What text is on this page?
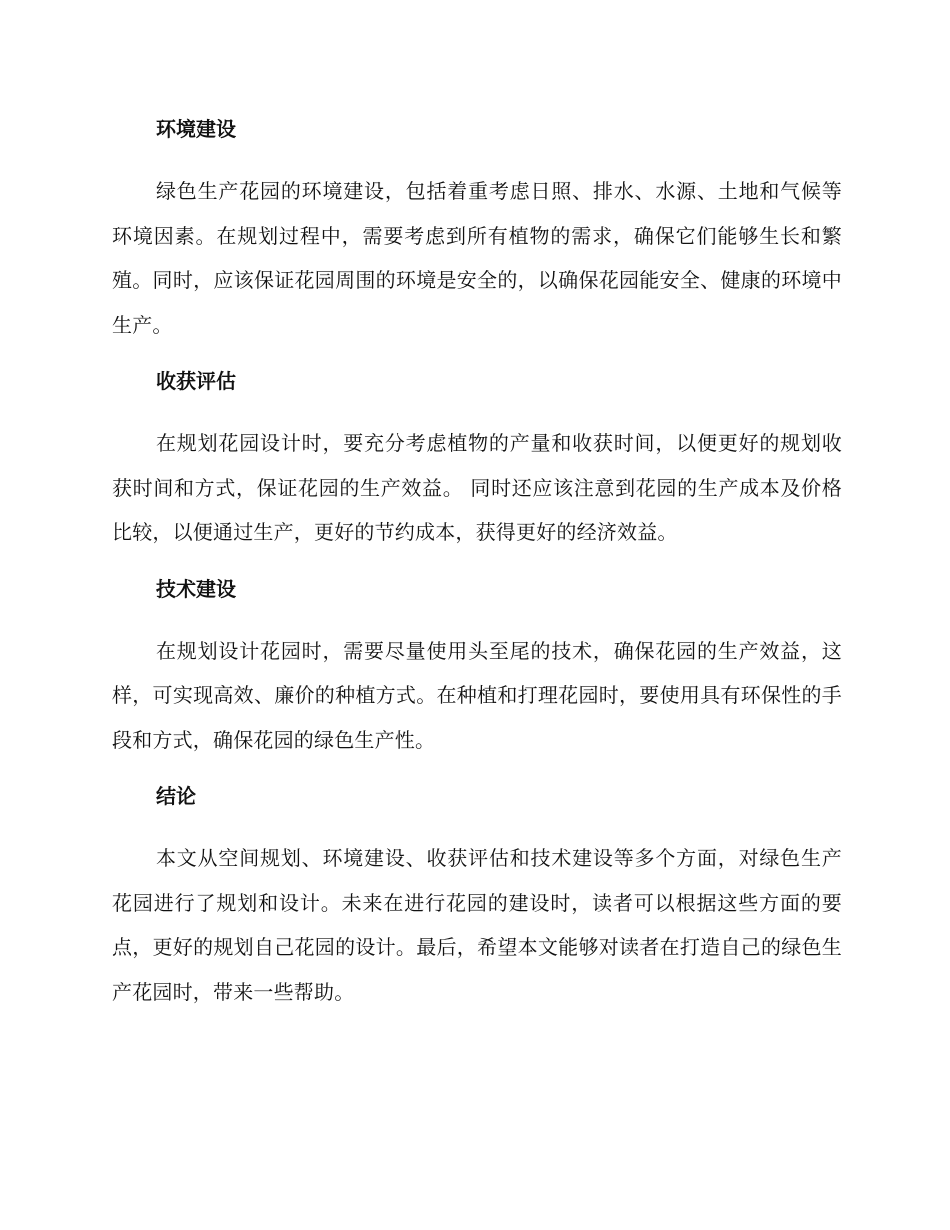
环境建设

绿色生产花园的环境建设，包括着重考虑日照、排水、水源、土地和气候等环境因素。在规划过程中，需要考虑到所有植物的需求，确保它们能够生长和繁殖。同时，应该保证花园周围的环境是安全的，以确保花园能安全、健康的环境中生产。

收获评估

在规划花园设计时，要充分考虑植物的产量和收获时间，以便更好的规划收获时间和方式，保证花园的生产效益。 同时还应该注意到花园的生产成本及价格比较，以便通过生产，更好的节约成本，获得更好的经济效益。

技术建设

在规划设计花园时，需要尽量使用头至尾的技术，确保花园的生产效益，这样，可实现高效、廉价的种植方式。在种植和打理花园时，要使用具有环保性的手段和方式，确保花园的绿色生产性。

结论

本文从空间规划、环境建设、收获评估和技术建设等多个方面，对绿色生产花园进行了规划和设计。未来在进行花园的建设时，读者可以根据这些方面的要点，更好的规划自己花园的设计。最后，希望本文能够对读者在打造自己的绿色生产花园时，带来一些帮助。
